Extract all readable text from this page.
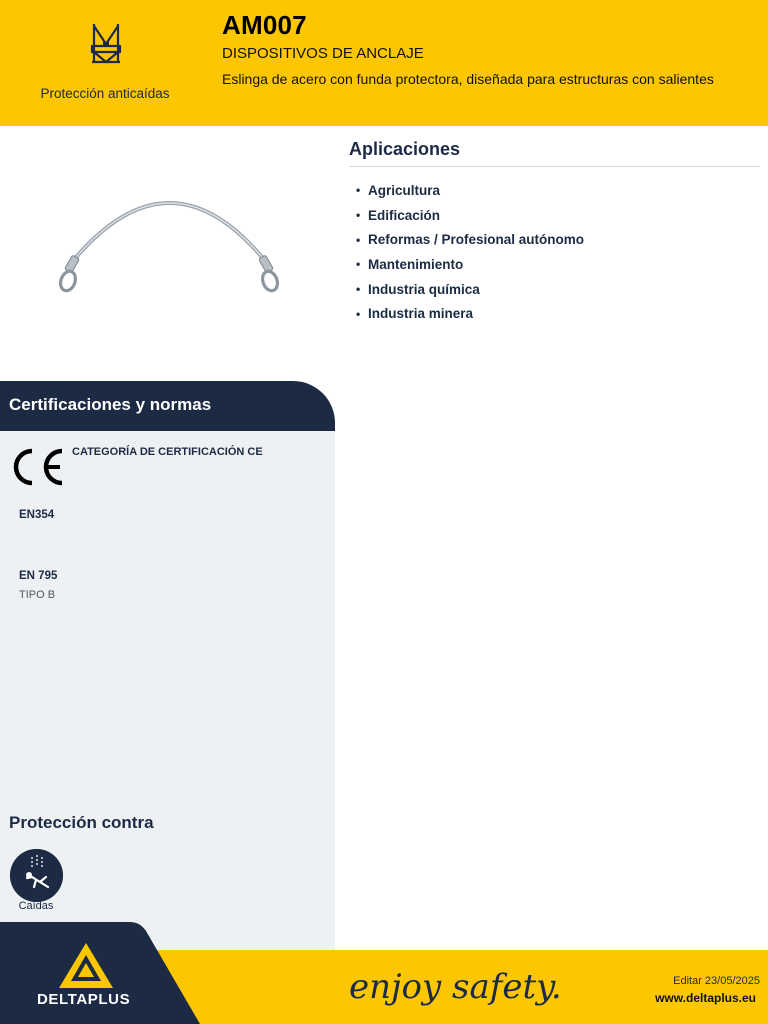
Protección anticaídas
AM007
DISPOSITIVOS DE ANCLAJE
Eslinga de acero con funda protectora, diseñada para estructuras con salientes
Aplicaciones
• Agricultura
• Edificación
• Reformas / Profesional autónomo
• Mantenimiento
• Industria química
• Industria minera
Certificaciones y normas
CATEGORÍA DE CERTIFICACIÓN CE
EN354
EN 795
TIPO B
Protección contra
Caídas
DELTAPLUS	enjoy safety.	Editar 23/05/2025
www.deltaplus.eu
